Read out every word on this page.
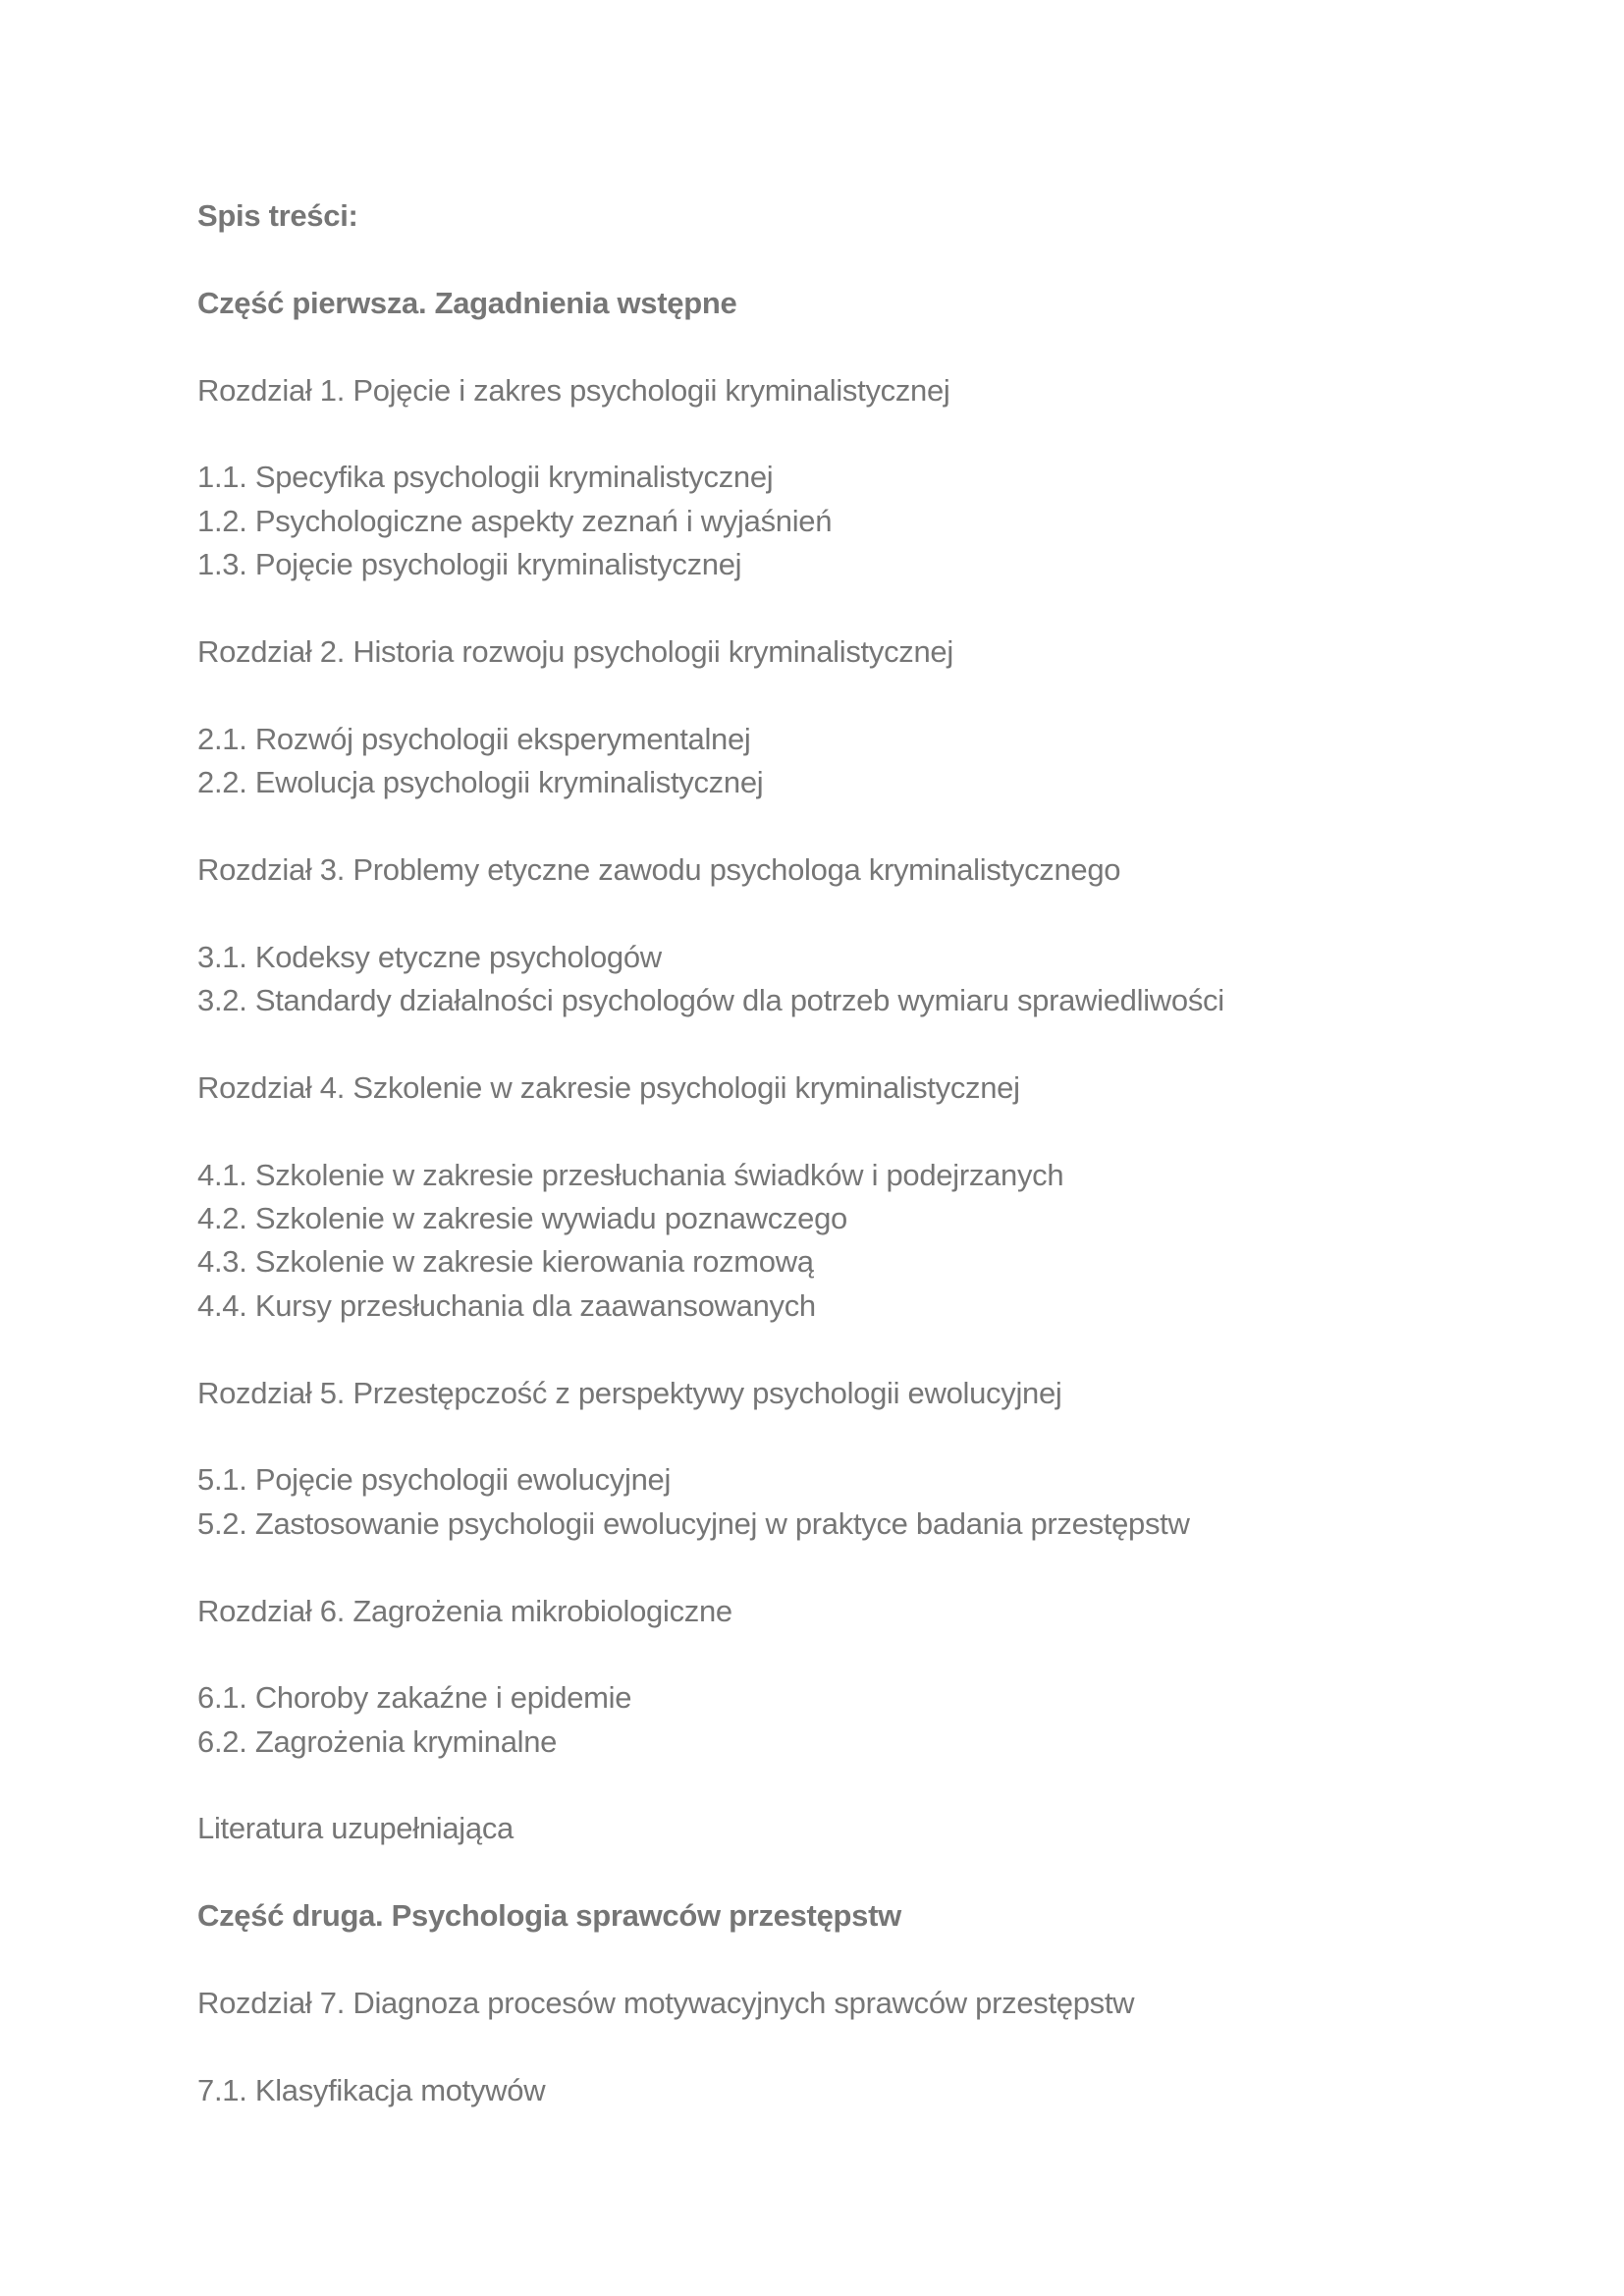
Spis treści:
Część pierwsza. Zagadnienia wstępne
Rozdział 1. Pojęcie i zakres psychologii kryminalistycznej
1.1. Specyfika psychologii kryminalistycznej
1.2. Psychologiczne aspekty zeznań i wyjaśnień
1.3. Pojęcie psychologii kryminalistycznej
Rozdział 2. Historia rozwoju psychologii kryminalistycznej
2.1. Rozwój psychologii eksperymentalnej
2.2. Ewolucja psychologii kryminalistycznej
Rozdział 3. Problemy etyczne zawodu psychologa kryminalistycznego
3.1. Kodeksy etyczne psychologów
3.2. Standardy działalności psychologów dla potrzeb wymiaru sprawiedliwości
Rozdział 4. Szkolenie w zakresie psychologii kryminalistycznej
4.1. Szkolenie w zakresie przesłuchania świadków i podejrzanych
4.2. Szkolenie w zakresie wywiadu poznawczego
4.3. Szkolenie w zakresie kierowania rozmową
4.4. Kursy przesłuchania dla zaawansowanych
Rozdział 5. Przestępczość z perspektywy psychologii ewolucyjnej
5.1. Pojęcie psychologii ewolucyjnej
5.2. Zastosowanie psychologii ewolucyjnej w praktyce badania przestępstw
Rozdział 6. Zagrożenia mikrobiologiczne
6.1. Choroby zakaźne i epidemie
6.2. Zagrożenia kryminalne
Literatura uzupełniająca
Część druga. Psychologia sprawców przestępstw
Rozdział 7. Diagnoza procesów motywacyjnych sprawców przestępstw
7.1. Klasyfikacja motywów
